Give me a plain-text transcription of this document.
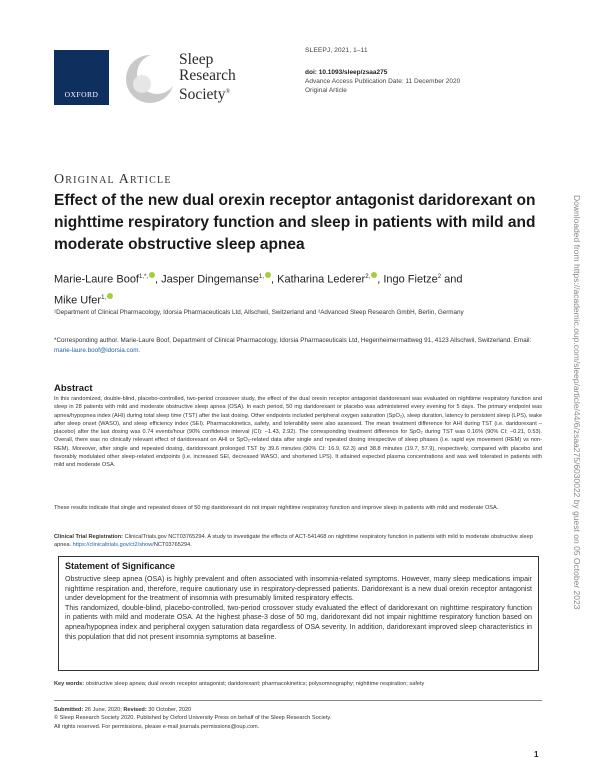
OXFORD
Sleep
Research
Society®
SLEEPJ, 2021, 1–11
doi: 10.1093/sleep/zsaa275
Advance Access Publication Date: 11 December 2020
Original Article
Original Article
Effect of the new dual orexin receptor antagonist daridorexant on nighttime respiratory function and sleep in patients with mild and moderate obstructive sleep apnea
Marie-Laure Boof$^{1,*,}$ , Jasper Dingemanse$^{1,}$ , Katharina Lederer$^{2,}$ , Ingo Fietze$^2$ and
Mike Ufer$^{1,}$
¹Department of Clinical Pharmacology, Idorsia Pharmaceuticals Ltd, Allschwil, Switzerland and ²Advanced Sleep Research GmbH, Berlin, Germany
*Corresponding author. Marie-Laure Boof, Department of Clinical Pharmacology, Idorsia Pharmaceuticals Ltd, Hegenheimermattweg 91, 4123 Allschwil, Switzerland. Email: marie-laure.boof@idorsia.com.
Abstract
In this randomized, double-blind, placebo-controlled, two-period crossover study, the effect of the dual orexin receptor antagonist daridorexant was evaluated on nighttime respiratory function and sleep in 28 patients with mild and moderate obstructive sleep apnea (OSA). In each period, 50 mg daridorexant or placebo was administered every evening for 5 days. The primary endpoint was apnea/hypopnea index (AHI) during total sleep time (TST) after the last dosing. Other endpoints included peripheral oxygen saturation (SpO₂), sleep duration, latency to persistent sleep (LPS), wake after sleep onset (WASO), and sleep efficiency index (SEI). Pharmacokinetics, safety, and tolerability were also assessed. The mean treatment difference for AHI during TST (i.e. daridorexant – placebo) after the last dosing was 0.74 events/hour (90% confidence interval (CI): −1.43, 2.92). The corresponding treatment difference for SpO₂ during TST was 0.16% (90% CI: −0.21, 0.53). Overall, there was no clinically relevant effect of daridorexant on AHI or SpO₂-related data after single and repeated dosing irrespective of sleep phases (i.e. rapid eye movement (REM) vs non-REM). Moreover, after single and repeated dosing, daridorexant prolonged TST by 39.6 minutes (90% CI: 16.9, 62.3) and 38.8 minutes (19.7, 57.9), respectively, compared with placebo and favorably modulated other sleep-related endpoints (i.e. increased SEI, decreased WASO, and shortened LPS). It attained expected plasma concentrations and was well tolerated in patients with mild and moderate OSA.
These results indicate that single and repeated doses of 50 mg daridorexant do not impair nighttime respiratory function and improve sleep in patients with mild and moderate OSA.
Clinical Trial Registration: ClinicalTrials.gov NCT03765294. A study to investigate the effects of ACT-541468 on nighttime respiratory function in patients with mild to moderate obstructive sleep apnea. https://clinicaltrials.gov/ct2/show/NCT03765294.
Statement of Significance

Obstructive sleep apnea (OSA) is highly prevalent and often associated with insomnia-related symptoms. However, many sleep medications impair nighttime respiration and, therefore, require cautionary use in respiratory-depressed patients. Daridorexant is a new dual orexin receptor antagonist under development for the treatment of insomnia with presumably limited respiratory effects.

This randomized, double-blind, placebo-controlled, two-period crossover study evaluated the effect of daridorexant on nighttime respiratory function in patients with mild and moderate OSA. At the highest phase-3 dose of 50 mg, daridorexant did not impair nighttime respiratory function based on apnea/hypopnea index and peripheral oxygen saturation data regardless of OSA severity. In addition, daridorexant improved sleep characteristics in this population that did not present insomnia symptoms at baseline.

Key words: obstructive sleep apnea; dual orexin receptor antagonist; daridorexant; pharmacokinetics; polysomnography; nighttime respiration; safety
Submitted: 26 June, 2020; Revised: 30 October, 2020
© Sleep Research Society 2020. Published by Oxford University Press on behalf of the Sleep Research Society.
All rights reserved. For permissions, please e-mail journals.permissions@oup.com.
1
Downloaded from https://academic.oup.com/sleep/article/44/6/zsaa275/6030022 by guest on 05 October 2023
